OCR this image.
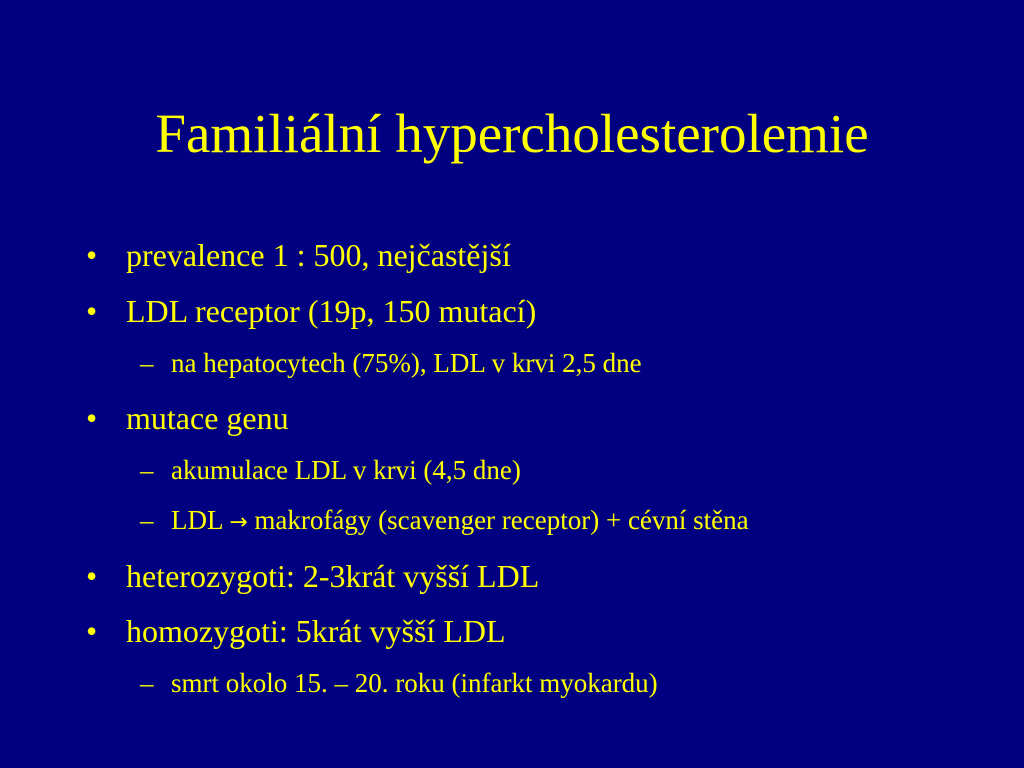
Familiální hypercholesterolemie
• prevalence 1 : 500, nejčastější
• LDL receptor (19p, 150 mutací)
– na hepatocytech (75%), LDL v krvi 2,5 dne
• mutace genu
– akumulace LDL v krvi (4,5 dne)
– LDL → makrofágy (scavenger receptor) + cévní stěna
• heterozygoti: 2-3krát vyšší LDL
• homozygoti: 5krát vyšší LDL
– smrt okolo 15. – 20. roku (infarkt myokardu)
